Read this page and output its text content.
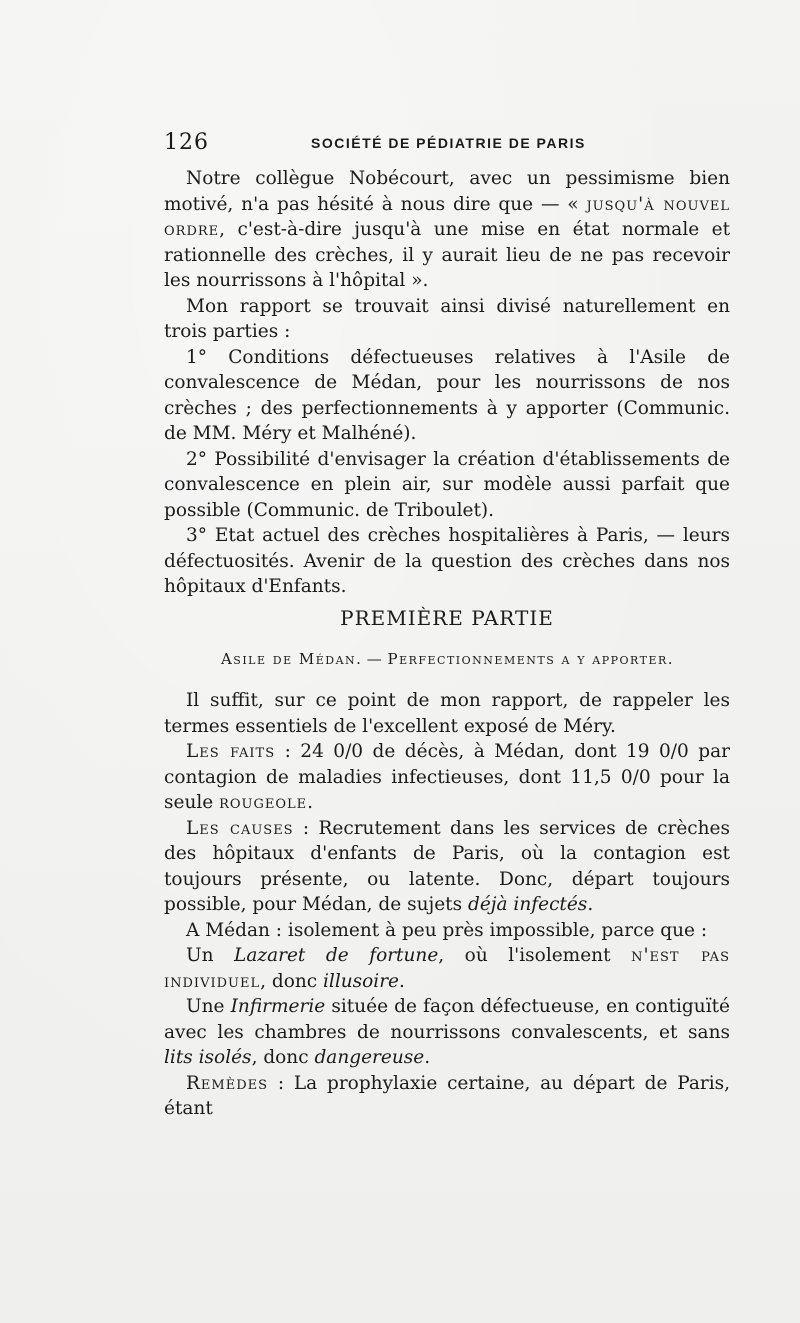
126	SOCIÉTÉ DE PÉDIATRIE DE PARIS

Notre collègue Nobécourt, avec un pessimisme bien motivé, n'a pas hésité à nous dire que — « jusqu'à nouvel ordre, c'est-à-dire jusqu'à une mise en état normale et rationnelle des crèches, il y aurait lieu de ne pas recevoir les nourrissons à l'hôpital ».

Mon rapport se trouvait ainsi divisé naturellement en trois parties :

1° Conditions défectueuses relatives à l'Asile de convalescence de Médan, pour les nourrissons de nos crèches ; des perfectionnements à y apporter (Communic. de MM. Méry et Malhéné).

2° Possibilité d'envisager la création d'établissements de convalescence en plein air, sur modèle aussi parfait que possible (Communic. de Triboulet).

3° Etat actuel des crèches hospitalières à Paris, — leurs défectuosités. Avenir de la question des crèches dans nos hôpitaux d'Enfants.

PREMIÈRE PARTIE
Asile de Médan. — Perfectionnements a y apporter.

Il suffit, sur ce point de mon rapport, de rappeler les termes essentiels de l'excellent exposé de Méry.

Les faits : 24 0/0 de décès, à Médan, dont 19 0/0 par contagion de maladies infectieuses, dont 11,5 0/0 pour la seule rougeole.

Les causes : Recrutement dans les services de crèches des hôpitaux d'enfants de Paris, où la contagion est toujours présente, ou latente. Donc, départ toujours possible, pour Médan, de sujets déjà infectés.

A Médan : isolement à peu près impossible, parce que :

Un Lazaret de fortune, où l'isolement n'est pas individuel, donc illusoire.

Une Infirmerie située de façon défectueuse, en contiguïté avec les chambres de nourrissons convalescents, et sans lits isolés, donc dangereuse.

Remèdes : La prophylaxie certaine, au départ de Paris, étant
